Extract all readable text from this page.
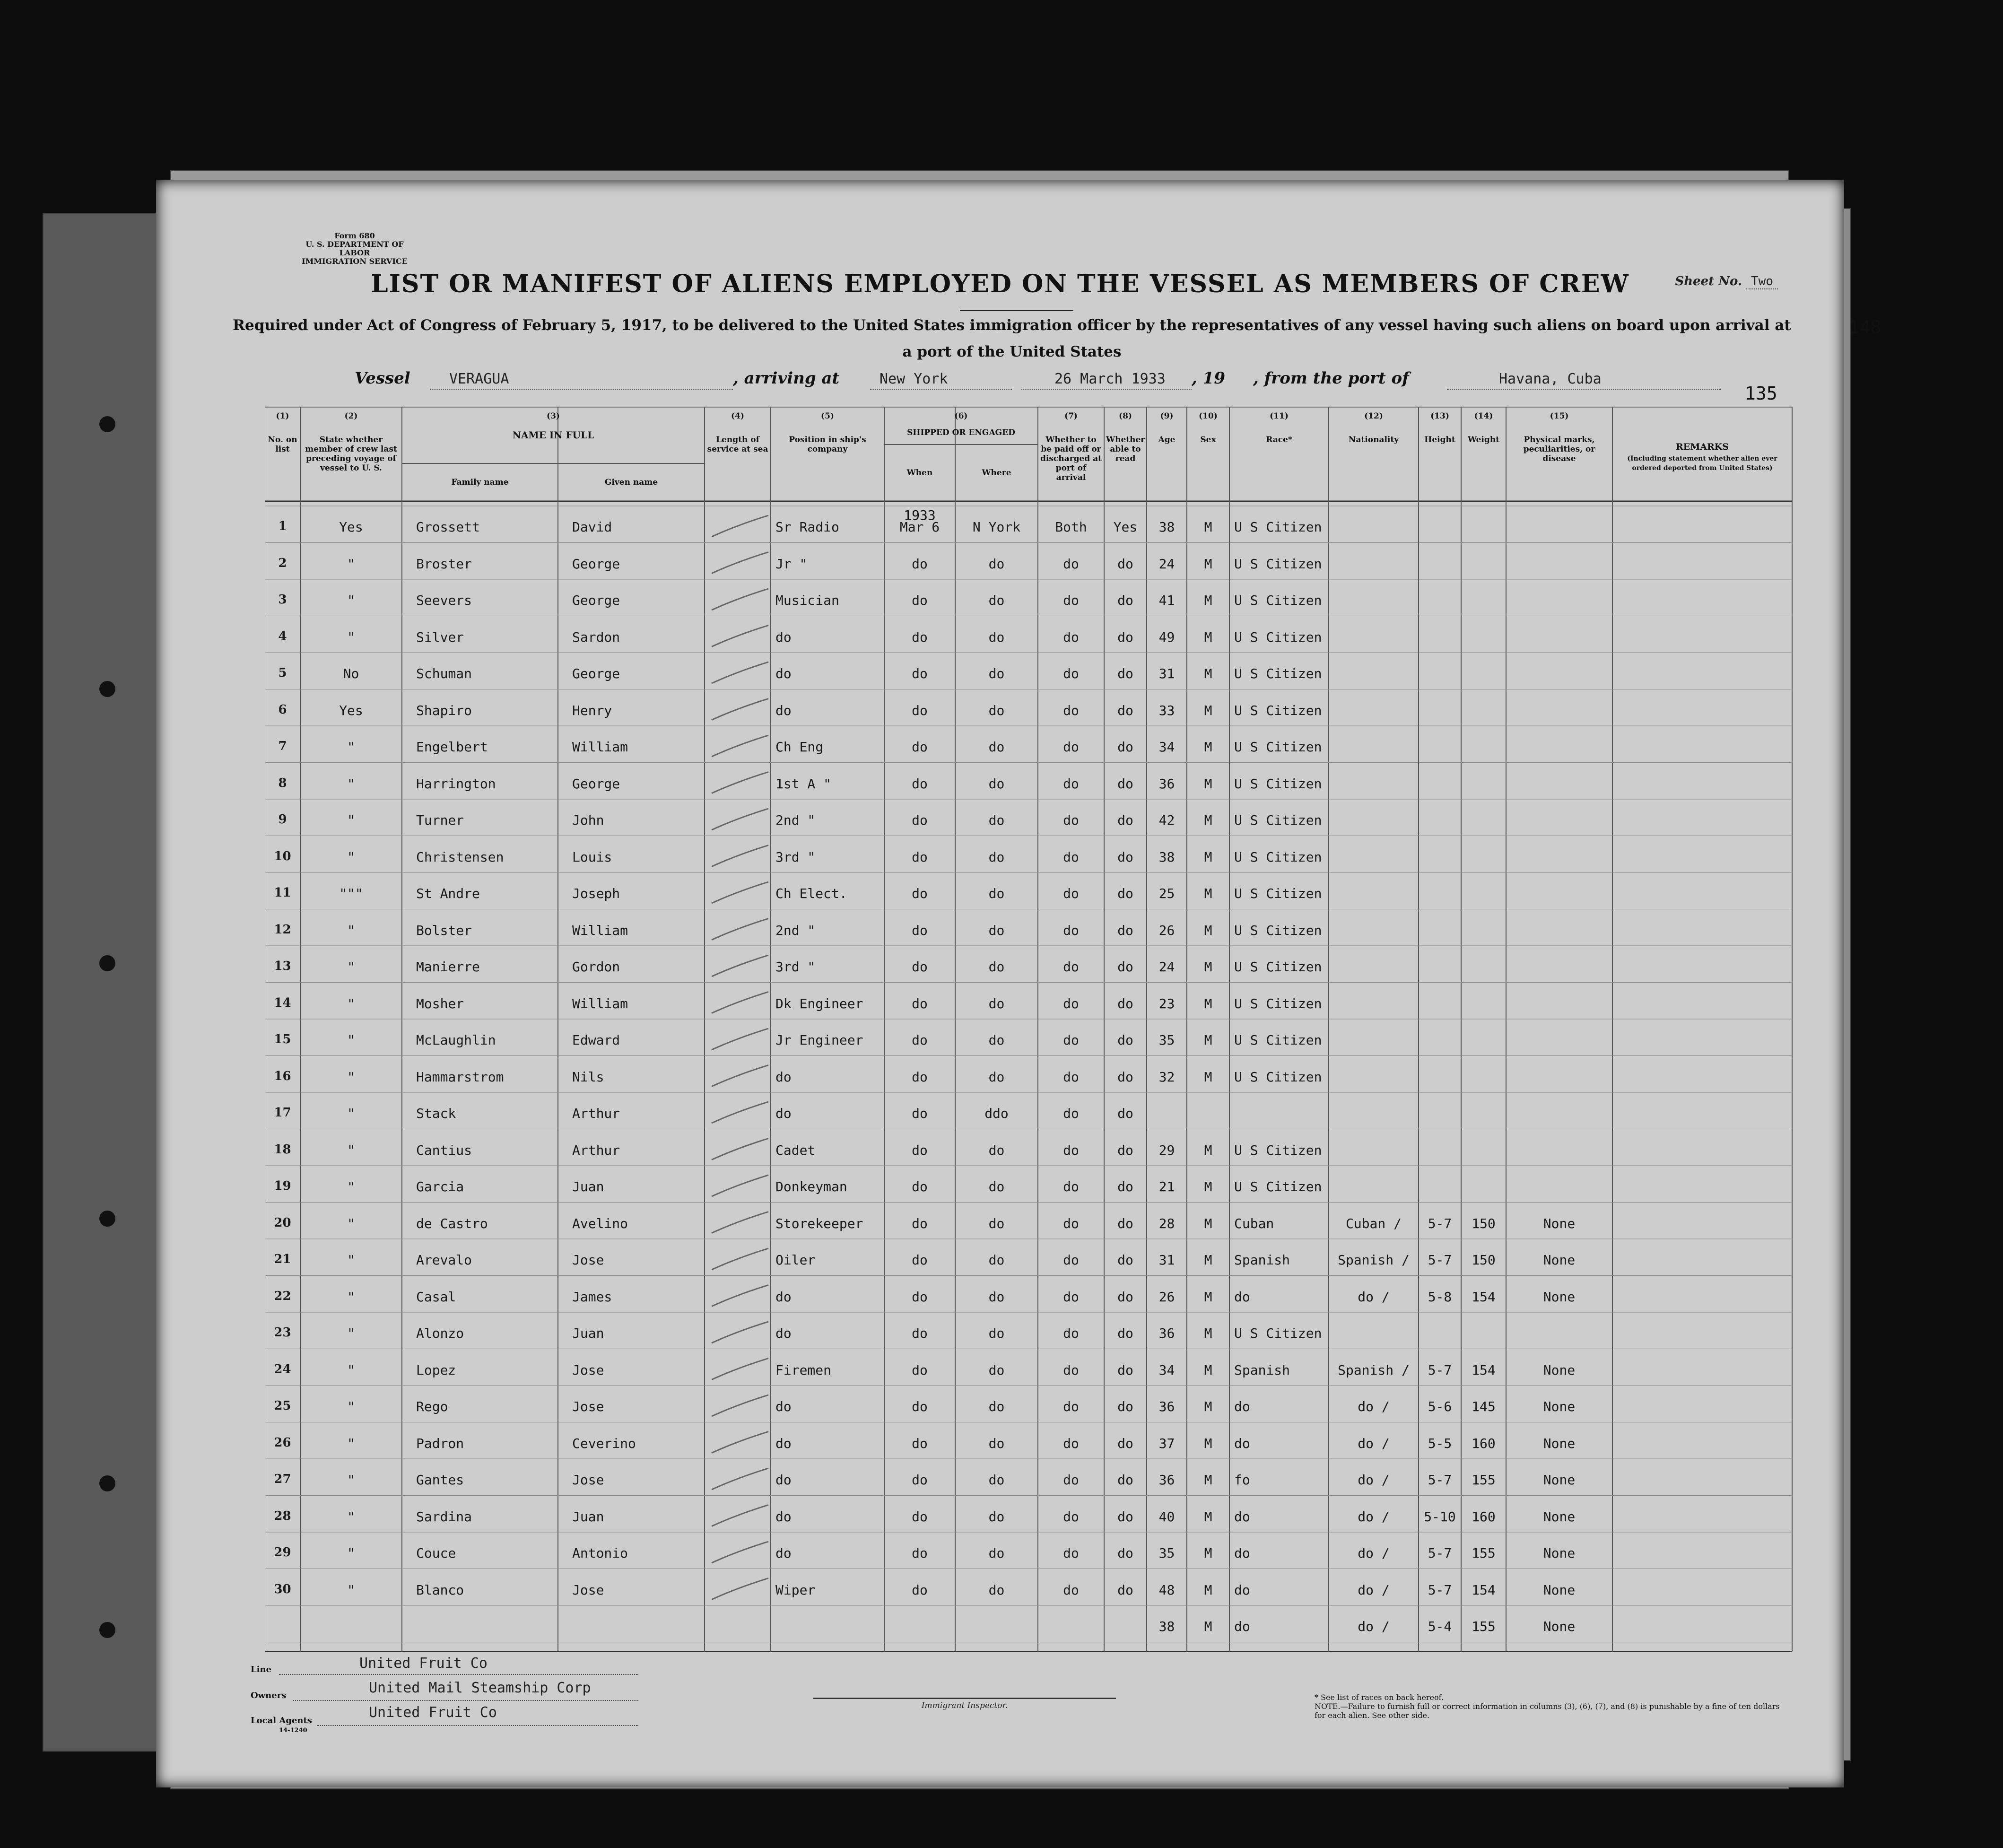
Form 680
U. S. DEPARTMENT OF LABOR
IMMIGRATION SERVICE
LIST OR MANIFEST OF ALIENS EMPLOYED ON THE VESSEL AS MEMBERS OF CREW
Required under Act of Congress of February 5, 1917, to be delivered to the United States immigration officer by the representatives of any vessel having such aliens on board upon arrival at a port of the United States
Sheet No. Two
148
135
Vessel	VERAGUA	, arriving at	New York	26 March 1933 , 19 , from the port of	Havana, Cuba
(1)
No. on list
(2)
State whether member of crew last preceding voyage of vessel to U. S.
(4)
Length of service at sea
(5)
Position in ship's company
(7)
Whether to be paid off or discharged at port of arrival
(8)
Whether able to read
(9)
Age
(10)
Sex
(11)
Race*
(12)
Nationality
(13)
Height
(14)
Weight
(15)
Physical marks, peculiarities, or disease
(3)
NAME IN FULL
Family name	Given name
(6)
SHIPPED OR ENGAGED
When	Where
REMARKS
(Including statement whether alien ever ordered deported from United States)
1933
1	Yes	Grossett	David	Sr Radio	Mar 6	N York	Both	Yes	38	M	U S Citizen
2	"	Broster	George	Jr "	do	do	do	do	24	M	U S Citizen
3	"	Seevers	George	Musician	do	do	do	do	41	M	U S Citizen
4	"	Silver	Sardon	do	do	do	do	do	49	M	U S Citizen
5	No	Schuman	George	do	do	do	do	do	31	M	U S Citizen
6	Yes	Shapiro	Henry	do	do	do	do	do	33	M	U S Citizen
7	"	Engelbert	William	Ch Eng	do	do	do	do	34	M	U S Citizen
8	"	Harrington	George	1st A "	do	do	do	do	36	M	U S Citizen
9	"	Turner	John	2nd "	do	do	do	do	42	M	U S Citizen
10	"	Christensen	Louis	3rd "	do	do	do	do	38	M	U S Citizen
11	"""	St Andre	Joseph	Ch Elect.	do	do	do	do	25	M	U S Citizen
12	"	Bolster	William	2nd "	do	do	do	do	26	M	U S Citizen
13	"	Manierre	Gordon	3rd "	do	do	do	do	24	M	U S Citizen
14	"	Mosher	William	Dk Engineer	do	do	do	do	23	M	U S Citizen
15	"	McLaughlin	Edward	Jr Engineer	do	do	do	do	35	M	U S Citizen
16	"	Hammarstrom	Nils	do	do	do	do	do	32	M	U S Citizen
17	"	Stack	Arthur	do	do	ddo	do	do
18	"	Cantius	Arthur	Cadet	do	do	do	do	29	M	U S Citizen
19	"	Garcia	Juan	Donkeyman	do	do	do	do	21	M	U S Citizen
20	"	de Castro	Avelino	Storekeeper	do	do	do	do	28	M	Cuban	Cuban /	5-7	150	None
21	"	Arevalo	Jose	Oiler	do	do	do	do	31	M	Spanish	Spanish /	5-7	150	None
22	"	Casal	James	do	do	do	do	do	26	M	do	do /	5-8	154	None
23	"	Alonzo	Juan	do	do	do	do	do	36	M	U S Citizen
24	"	Lopez	Jose	Firemen	do	do	do	do	34	M	Spanish	Spanish /	5-7	154	None
25	"	Rego	Jose	do	do	do	do	do	36	M	do	do /	5-6	145	None
26	"	Padron	Ceverino	do	do	do	do	do	37	M	do	do /	5-5	160	None
27	"	Gantes	Jose	do	do	do	do	do	36	M	fo	do /	5-7	155	None
28	"	Sardina	Juan	do	do	do	do	do	40	M	do	do /	5-10	160	None
29	"	Couce	Antonio	do	do	do	do	do	35	M	do	do /	5-7	155	None
30	"	Blanco	Jose	Wiper	do	do	do	do	48	M	do	do /	5-7	154	None
38	M	do	do /	5-4	155	None
Line	United Fruit Co
Owners	United Mail Steamship Corp
Local Agents	United Fruit Co
14-1240
Immigrant Inspector.
* See list of races on back hereof.
NOTE.—Failure to furnish full or correct information in columns (3), (6), (7), and (8) is punishable by a fine of ten dollars for each alien. See other side.
